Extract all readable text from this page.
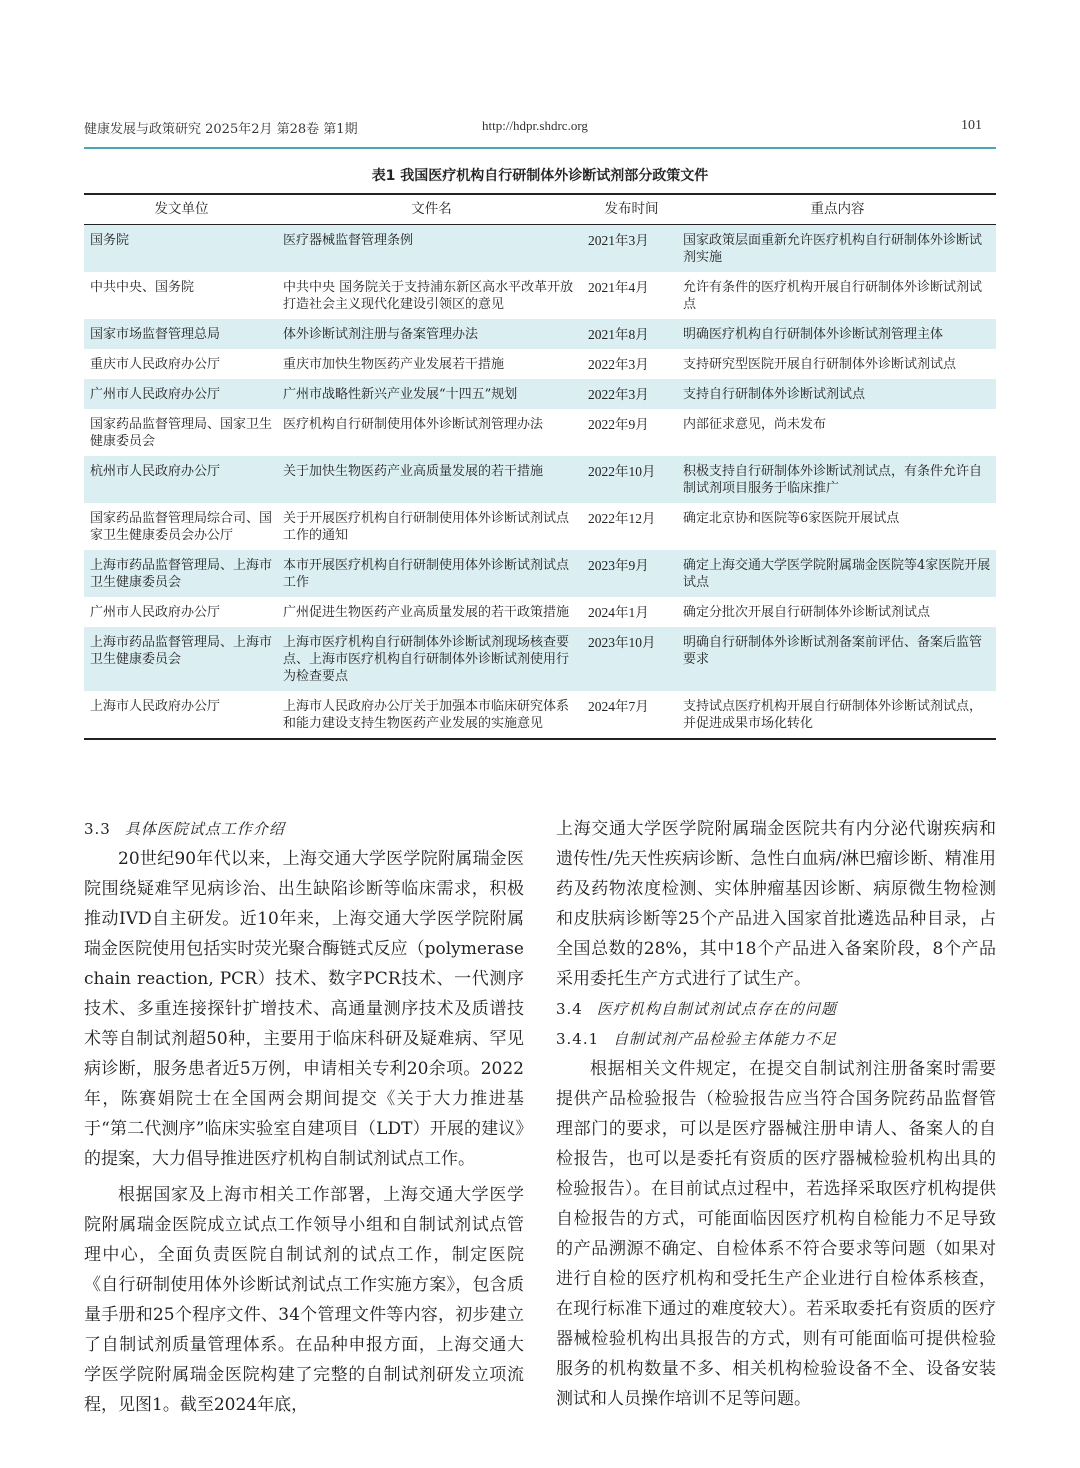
健康发展与政策研究 2025年2月 第28卷 第1期	http://hdpr.shdrc.org	101
表1 我国医疗机构自行研制体外诊断试剂部分政策文件
发文单位	文件名	发布时间	重点内容
国务院	医疗器械监督管理条例	2021年3月	国家政策层面重新允许医疗机构自行研制体外诊断试剂实施
中共中央、国务院	中共中央 国务院关于支持浦东新区高水平改革开放打造社会主义现代化建设引领区的意见	2021年4月	允许有条件的医疗机构开展自行研制体外诊断试剂试点
国家市场监督管理总局	体外诊断试剂注册与备案管理办法	2021年8月	明确医疗机构自行研制体外诊断试剂管理主体
重庆市人民政府办公厅	重庆市加快生物医药产业发展若干措施	2022年3月	支持研究型医院开展自行研制体外诊断试剂试点
广州市人民政府办公厅	广州市战略性新兴产业发展“十四五”规划	2022年3月	支持自行研制体外诊断试剂试点
国家药品监督管理局、国家卫生健康委员会	医疗机构自行研制使用体外诊断试剂管理办法	2022年9月	内部征求意见，尚未发布
杭州市人民政府办公厅	关于加快生物医药产业高质量发展的若干措施	2022年10月	积极支持自行研制体外诊断试剂试点，有条件允许自制试剂项目服务于临床推广
国家药品监督管理局综合司、国家卫生健康委员会办公厅	关于开展医疗机构自行研制使用体外诊断试剂试点工作的通知	2022年12月	确定北京协和医院等6家医院开展试点
上海市药品监督管理局、上海市卫生健康委员会	本市开展医疗机构自行研制使用体外诊断试剂试点工作	2023年9月	确定上海交通大学医学院附属瑞金医院等4家医院开展试点
广州市人民政府办公厅	广州促进生物医药产业高质量发展的若干政策措施	2024年1月	确定分批次开展自行研制体外诊断试剂试点
上海市药品监督管理局、上海市卫生健康委员会	上海市医疗机构自行研制体外诊断试剂现场核查要点、上海市医疗机构自行研制体外诊断试剂使用行为检查要点	2023年10月	明确自行研制体外诊断试剂备案前评估、备案后监管要求
上海市人民政府办公厅	上海市人民政府办公厅关于加强本市临床研究体系和能力建设支持生物医药产业发展的实施意见	2024年7月	支持试点医疗机构开展自行研制体外诊断试剂试点，并促进成果市场化转化
3.3 具体医院试点工作介绍

20世纪90年代以来，上海交通大学医学院附属瑞金医院围绕疑难罕见病诊治、出生缺陷诊断等临床需求，积极推动IVD自主研发。近10年来，上海交通大学医学院附属瑞金医院使用包括实时荧光聚合酶链式反应（polymerase chain reaction, PCR）技术、数字PCR技术、一代测序技术、多重连接探针扩增技术、高通量测序技术及质谱技术等自制试剂超50种，主要用于临床科研及疑难病、罕见病诊断，服务患者近5万例，申请相关专利20余项。2022年，陈赛娟院士在全国两会期间提交《关于大力推进基于“第二代测序”临床实验室自建项目（LDT）开展的建议》的提案，大力倡导推进医疗机构自制试剂试点工作。

根据国家及上海市相关工作部署，上海交通大学医学院附属瑞金医院成立试点工作领导小组和自制试剂试点管理中心，全面负责医院自制试剂的试点工作，制定医院《自行研制使用体外诊断试剂试点工作实施方案》，包含质量手册和25个程序文件、34个管理文件等内容，初步建立了自制试剂质量管理体系。在品种申报方面，上海交通大学医学院附属瑞金医院构建了完整的自制试剂研发立项流程，见图1。截至2024年底，

上海交通大学医学院附属瑞金医院共有内分泌代谢疾病和遗传性/先天性疾病诊断、急性白血病/淋巴瘤诊断、精准用药及药物浓度检测、实体肿瘤基因诊断、病原微生物检测和皮肤病诊断等25个产品进入国家首批遴选品种目录，占全国总数的28%，其中18个产品进入备案阶段，8个产品采用委托生产方式进行了试生产。

3.4 医疗机构自制试剂试点存在的问题
3.4.1 自制试剂产品检验主体能力不足

根据相关文件规定，在提交自制试剂注册备案时需要提供产品检验报告（检验报告应当符合国务院药品监督管理部门的要求，可以是医疗器械注册申请人、备案人的自检报告，也可以是委托有资质的医疗器械检验机构出具的检验报告）。在目前试点过程中，若选择采取医疗机构提供自检报告的方式，可能面临因医疗机构自检能力不足导致的产品溯源不确定、自检体系不符合要求等问题（如果对进行自检的医疗机构和受托生产企业进行自检体系核查，在现行标准下通过的难度较大）。若采取委托有资质的医疗器械检验机构出具报告的方式，则有可能面临可提供检验服务的机构数量不多、相关机构检验设备不全、设备安装测试和人员操作培训不足等问题。
